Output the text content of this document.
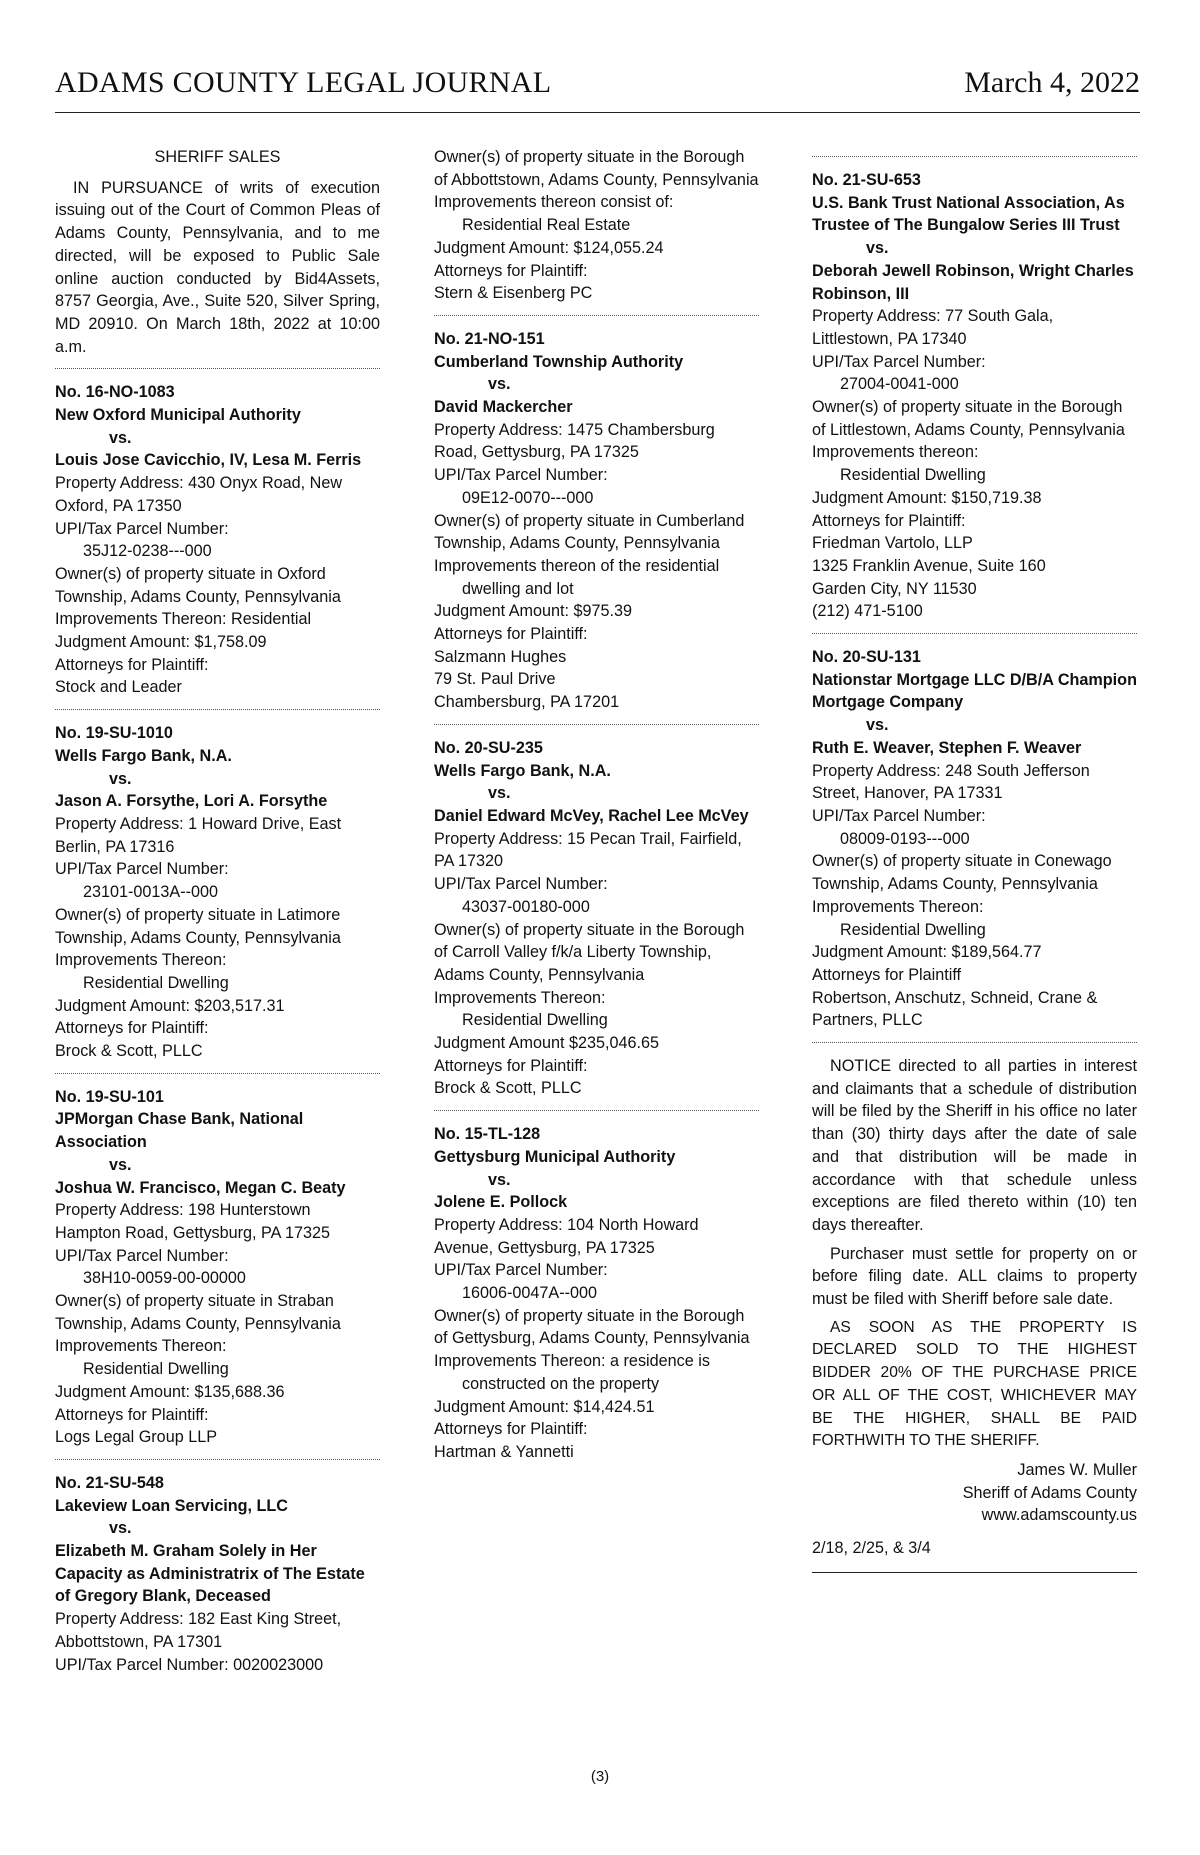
ADAMS COUNTY LEGAL JOURNAL	March 4, 2022

SHERIFF SALES

IN PURSUANCE of writs of execution issuing out of the Court of Common Pleas of Adams County, Pennsylvania, and to me directed, will be exposed to Public Sale online auction conducted by Bid4Assets, 8757 Georgia, Ave., Suite 520, Silver Spring, MD 20910. On March 18th, 2022 at 10:00 a.m.

No. 16-NO-1083

New Oxford Municipal Authority

vs.

Louis Jose Cavicchio, IV, Lesa M. Ferris

Property Address: 430 Onyx Road, New Oxford, PA 17350

UPI/Tax Parcel Number:

35J12-0238---000

Owner(s) of property situate in Oxford Township, Adams County, Pennsylvania

Improvements Thereon: Residential

Judgment Amount: $1,758.09

Attorneys for Plaintiff:

Stock and Leader

No. 19-SU-1010

Wells Fargo Bank, N.A.

vs.

Jason A. Forsythe, Lori A. Forsythe

Property Address: 1 Howard Drive, East Berlin, PA 17316

UPI/Tax Parcel Number:

23101-0013A--000

Owner(s) of property situate in Latimore Township, Adams County, Pennsylvania

Improvements Thereon:

Residential Dwelling

Judgment Amount: $203,517.31

Attorneys for Plaintiff:

Brock & Scott, PLLC

No. 19-SU-101

JPMorgan Chase Bank, National Association

vs.

Joshua W. Francisco, Megan C. Beaty

Property Address: 198 Hunterstown Hampton Road, Gettysburg, PA 17325

UPI/Tax Parcel Number:

38H10-0059-00-00000

Owner(s) of property situate in Straban Township, Adams County, Pennsylvania

Improvements Thereon:

Residential Dwelling

Judgment Amount: $135,688.36

Attorneys for Plaintiff:

Logs Legal Group LLP

No. 21-SU-548

Lakeview Loan Servicing, LLC

vs.

Elizabeth M. Graham Solely in Her Capacity as Administratrix of The Estate of Gregory Blank, Deceased

Property Address: 182 East King Street, Abbottstown, PA 17301

UPI/Tax Parcel Number: 0020023000

Owner(s) of property situate in the Borough of Abbottstown, Adams County, Pennsylvania

Improvements thereon consist of:

Residential Real Estate

Judgment Amount: $124,055.24

Attorneys for Plaintiff:

Stern & Eisenberg PC

No. 21-NO-151

Cumberland Township Authority

vs.

David Mackercher

Property Address: 1475 Chambersburg Road, Gettysburg, PA 17325

UPI/Tax Parcel Number:

09E12-0070---000

Owner(s) of property situate in Cumberland Township, Adams County, Pennsylvania

Improvements thereon of the residential dwelling and lot

Judgment Amount: $975.39

Attorneys for Plaintiff:

Salzmann Hughes

79 St. Paul Drive

Chambersburg, PA 17201

No. 20-SU-235

Wells Fargo Bank, N.A.

vs.

Daniel Edward McVey, Rachel Lee McVey

Property Address: 15 Pecan Trail, Fairfield, PA 17320

UPI/Tax Parcel Number:

43037-00180-000

Owner(s) of property situate in the Borough of Carroll Valley f/k/a Liberty Township, Adams County, Pennsylvania

Improvements Thereon:

Residential Dwelling

Judgment Amount $235,046.65

Attorneys for Plaintiff:

Brock & Scott, PLLC

No. 15-TL-128

Gettysburg Municipal Authority

vs.

Jolene E. Pollock

Property Address: 104 North Howard Avenue, Gettysburg, PA 17325

UPI/Tax Parcel Number:

16006-0047A--000

Owner(s) of property situate in the Borough of Gettysburg, Adams County, Pennsylvania

Improvements Thereon: a residence is constructed on the property

Judgment Amount: $14,424.51

Attorneys for Plaintiff:

Hartman & Yannetti

No. 21-SU-653

U.S. Bank Trust National Association, As Trustee of The Bungalow Series III Trust

vs.

Deborah Jewell Robinson, Wright Charles Robinson, III

Property Address: 77 South Gala, Littlestown, PA 17340

UPI/Tax Parcel Number:

27004-0041-000

Owner(s) of property situate in the Borough of Littlestown, Adams County, Pennsylvania

Improvements thereon:

Residential Dwelling

Judgment Amount: $150,719.38

Attorneys for Plaintiff:

Friedman Vartolo, LLP

1325 Franklin Avenue, Suite 160

Garden City, NY 11530

(212) 471-5100

No. 20-SU-131

Nationstar Mortgage LLC D/B/A Champion Mortgage Company

vs.

Ruth E. Weaver, Stephen F. Weaver

Property Address: 248 South Jefferson Street, Hanover, PA 17331

UPI/Tax Parcel Number:

08009-0193---000

Owner(s) of property situate in Conewago Township, Adams County, Pennsylvania

Improvements Thereon:

Residential Dwelling

Judgment Amount: $189,564.77

Attorneys for Plaintiff

Robertson, Anschutz, Schneid, Crane & Partners, PLLC

NOTICE directed to all parties in interest and claimants that a schedule of distribution will be filed by the Sheriff in his office no later than (30) thirty days after the date of sale and that distribution will be made in accordance with that schedule unless exceptions are filed thereto within (10) ten days thereafter.

Purchaser must settle for property on or before filing date. ALL claims to property must be filed with Sheriff before sale date.

AS SOON AS THE PROPERTY IS DECLARED SOLD TO THE HIGHEST BIDDER 20% OF THE PURCHASE PRICE OR ALL OF THE COST, WHICHEVER MAY BE THE HIGHER, SHALL BE PAID FORTHWITH TO THE SHERIFF.

James W. Muller

Sheriff of Adams County

www.adamscounty.us

2/18, 2/25, & 3/4

(3)
